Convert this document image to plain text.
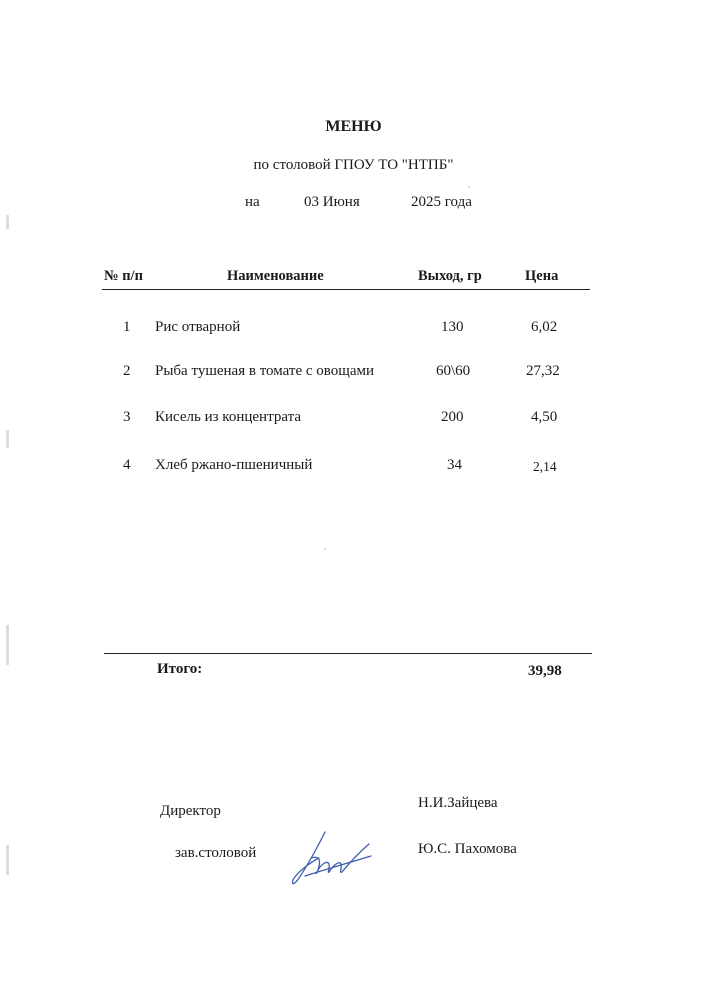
МЕНЮ
по столовой ГПОУ ТО "НТПБ"
на	03 Июня	2025 года
№ п/п	Наименование	Выход, гр	Цена
1 Рис отварной	130	6,02
2 Рыба тушеная в томате с овощами	60\60	27,32
3 Кисель из концентрата	200	4,50
4 Хлеб ржано-пшеничный	34	2,14
Итого:	39,98
Директор	Н.И.Зайцева
зав.столовой	Ю.С. Пахомова
